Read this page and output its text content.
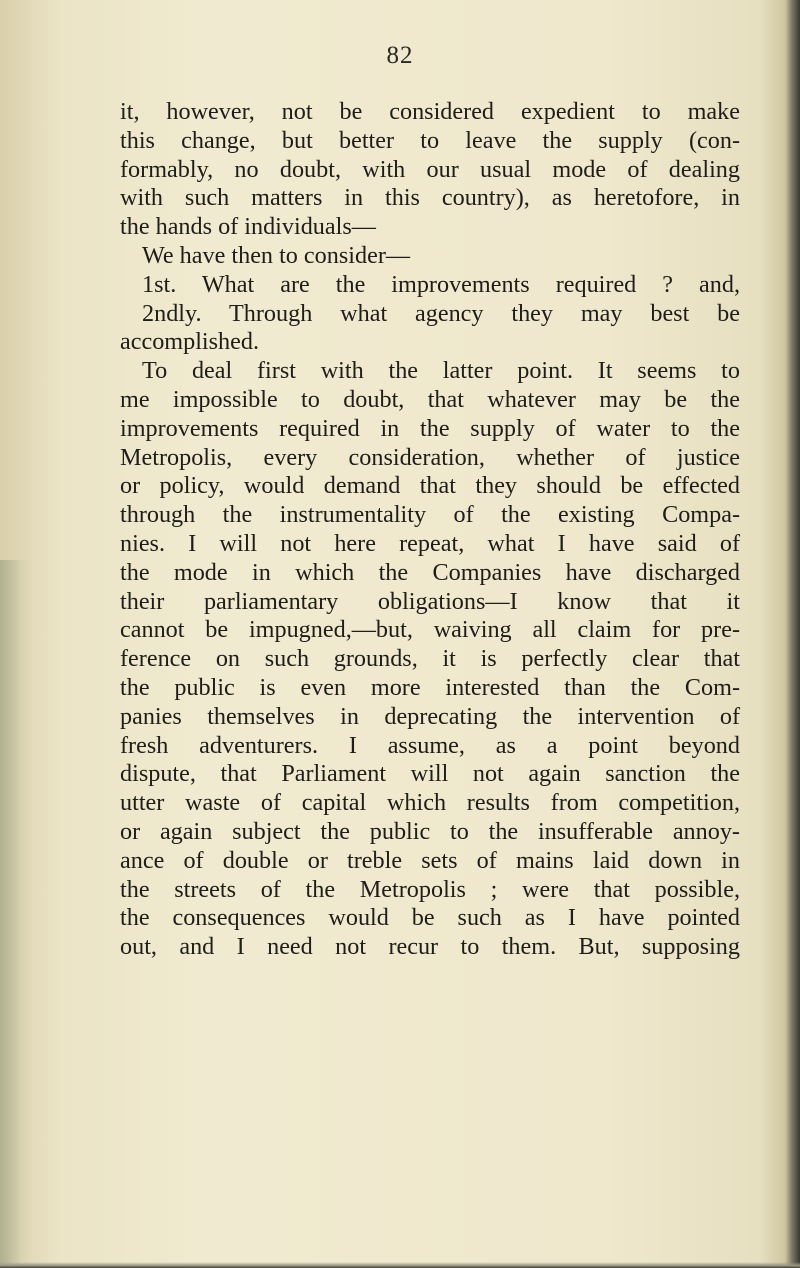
82
it, however, not be considered expedient to make
this change, but better to leave the supply (con-
formably, no doubt, with our usual mode of dealing
with such matters in this country), as heretofore, in
the hands of individuals—
We have then to consider—
1st. What are the improvements required ? and,
2ndly. Through what agency they may best be
accomplished.
To deal first with the latter point. It seems to
me impossible to doubt, that whatever may be the
improvements required in the supply of water to the
Metropolis, every consideration, whether of justice
or policy, would demand that they should be effected
through the instrumentality of the existing Compa-
nies. I will not here repeat, what I have said of
the mode in which the Companies have discharged
their parliamentary obligations—I know that it
cannot be impugned,—but, waiving all claim for pre-
ference on such grounds, it is perfectly clear that
the public is even more interested than the Com-
panies themselves in deprecating the intervention of
fresh adventurers. I assume, as a point beyond
dispute, that Parliament will not again sanction the
utter waste of capital which results from competition,
or again subject the public to the insufferable annoy-
ance of double or treble sets of mains laid down in
the streets of the Metropolis ; were that possible,
the consequences would be such as I have pointed
out, and I need not recur to them. But, supposing
